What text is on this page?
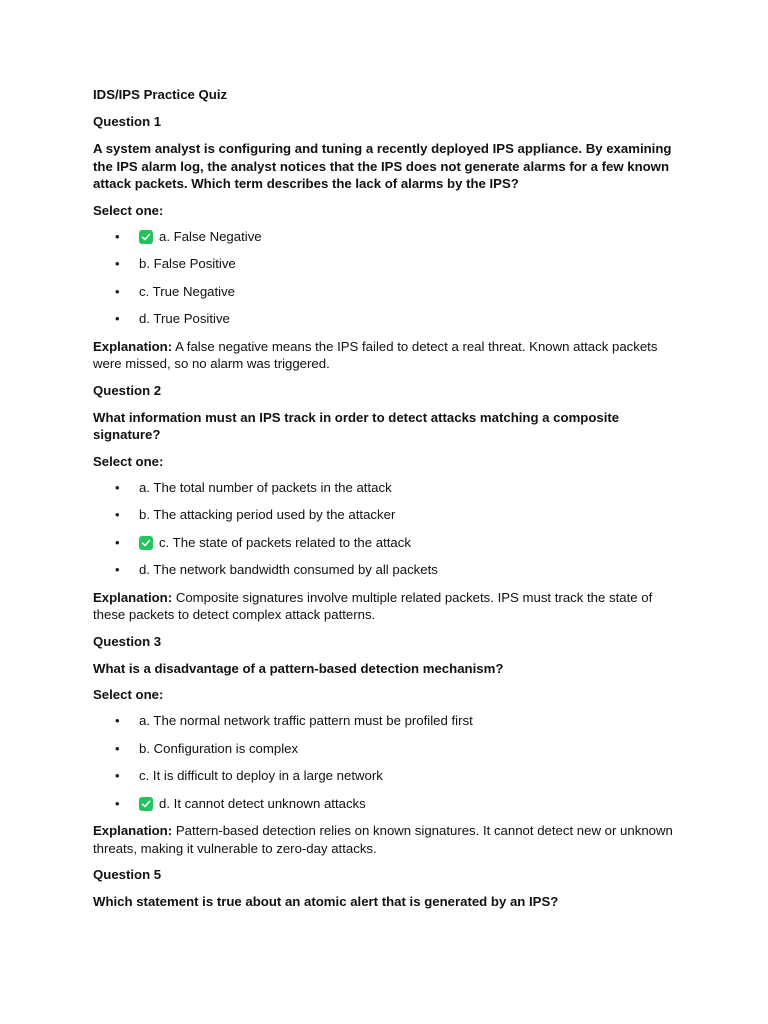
IDS/IPS Practice Quiz
Question 1
A system analyst is configuring and tuning a recently deployed IPS appliance. By examining the IPS alarm log, the analyst notices that the IPS does not generate alarms for a few known attack packets. Which term describes the lack of alarms by the IPS?
Select one:
•	a. False Negative
• b. False Positive
• c. True Negative
• d. True Positive
Explanation: A false negative means the IPS failed to detect a real threat. Known attack packets were missed, so no alarm was triggered.
Question 2
What information must an IPS track in order to detect attacks matching a composite signature?
Select one:
• a. The total number of packets in the attack
• b. The attacking period used by the attacker
•	c. The state of packets related to the attack
• d. The network bandwidth consumed by all packets
Explanation: Composite signatures involve multiple related packets. IPS must track the state of these packets to detect complex attack patterns.
Question 3
What is a disadvantage of a pattern-based detection mechanism?
Select one:
• a. The normal network traffic pattern must be profiled first
• b. Configuration is complex
• c. It is difficult to deploy in a large network
•	d. It cannot detect unknown attacks
Explanation: Pattern-based detection relies on known signatures. It cannot detect new or unknown threats, making it vulnerable to zero-day attacks.
Question 5
Which statement is true about an atomic alert that is generated by an IPS?
